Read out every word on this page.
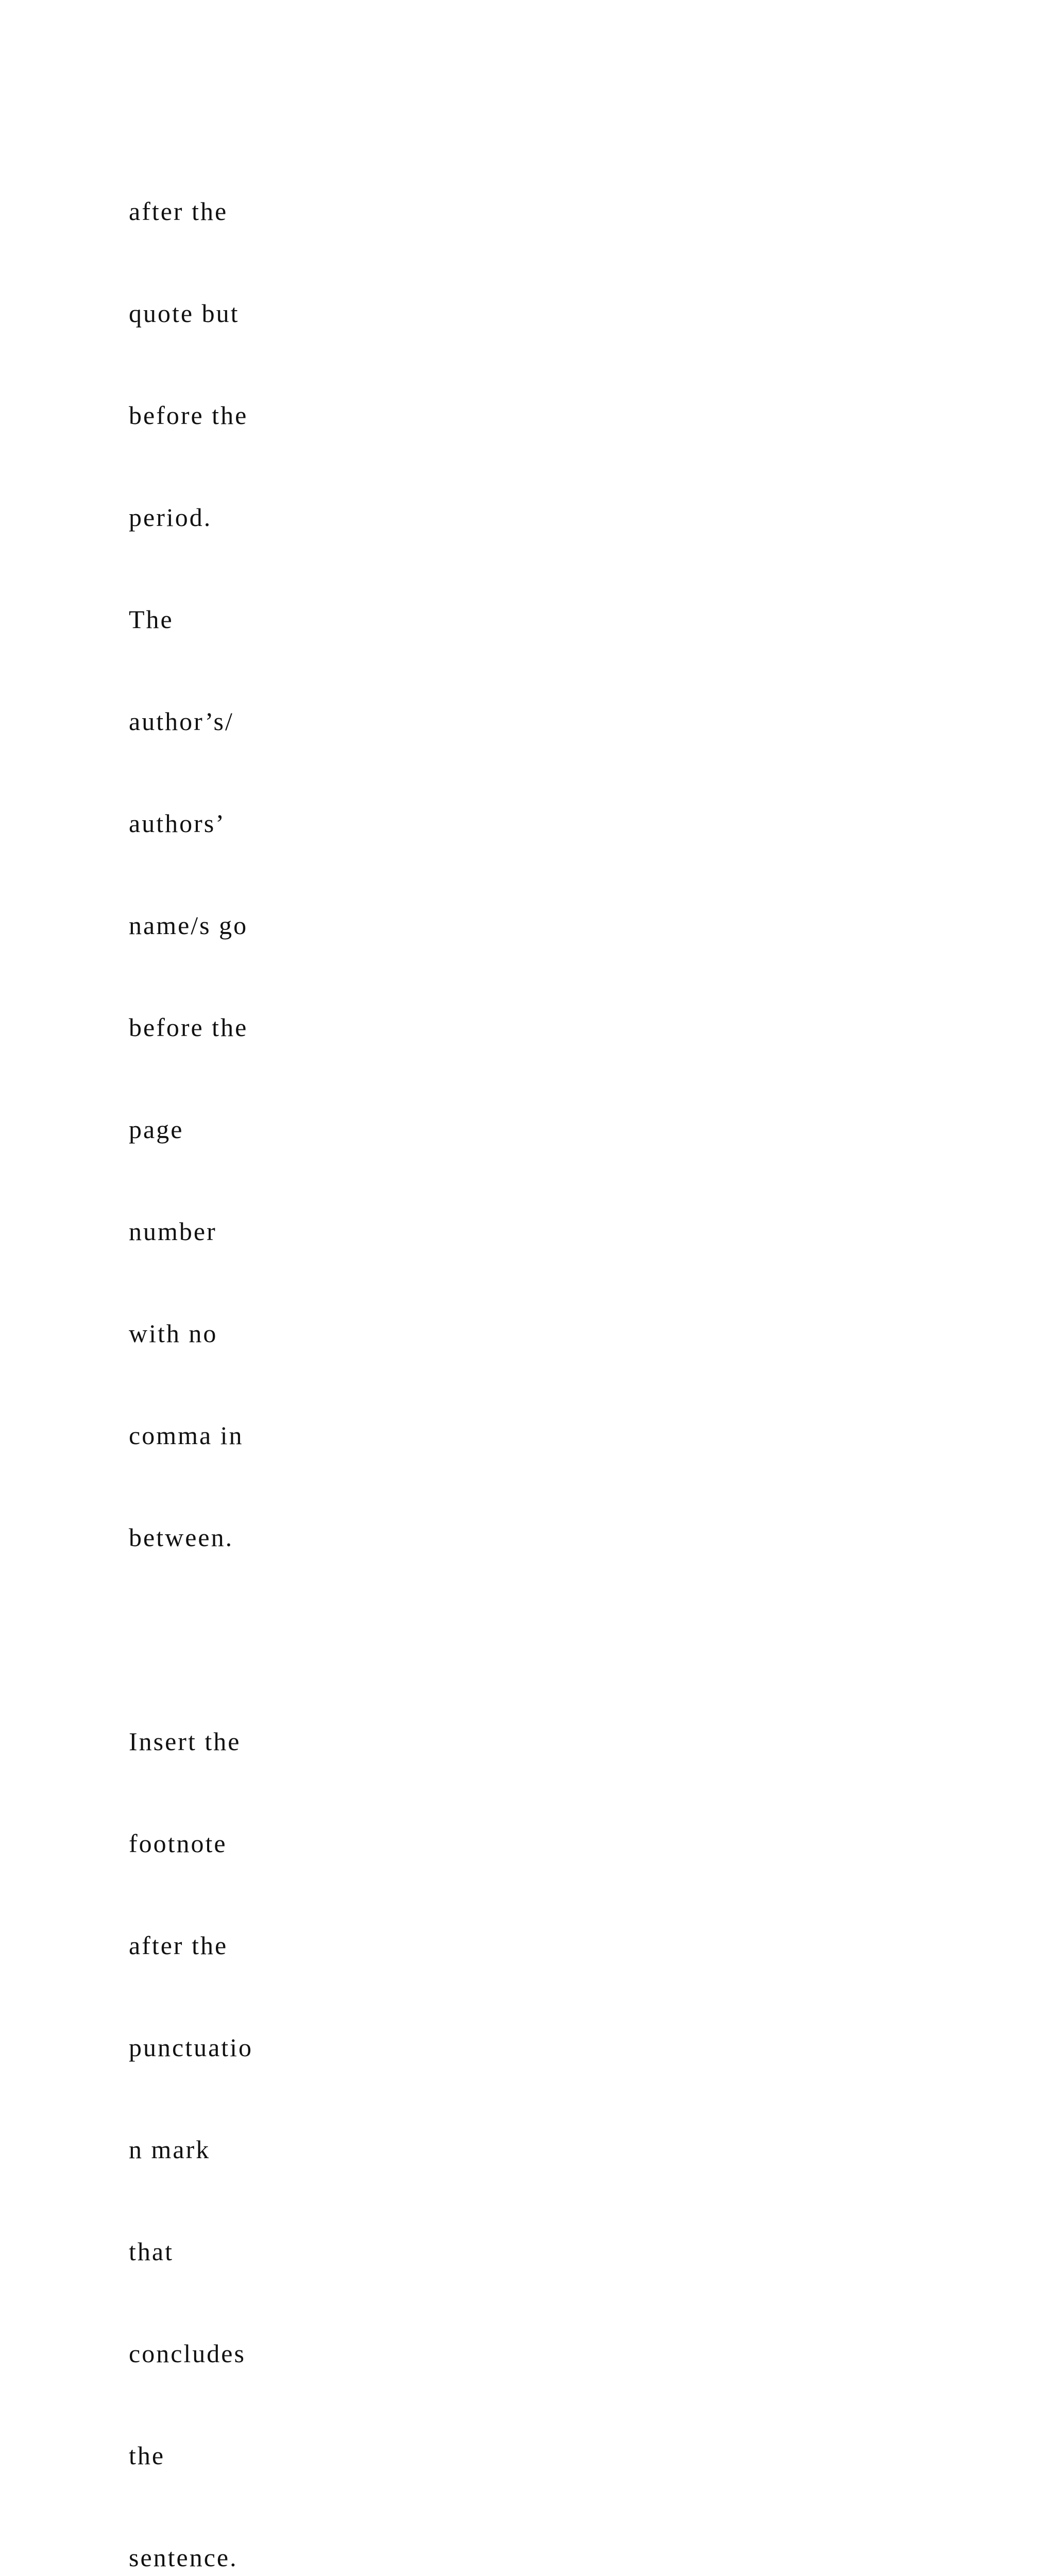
after the

quote but

before the

period.

The

author’s/

authors’

name/s go

before the

page

number

with no

comma in

between.

Insert the

footnote

after the

punctuatio

n mark

that

concludes

the

sentence.
